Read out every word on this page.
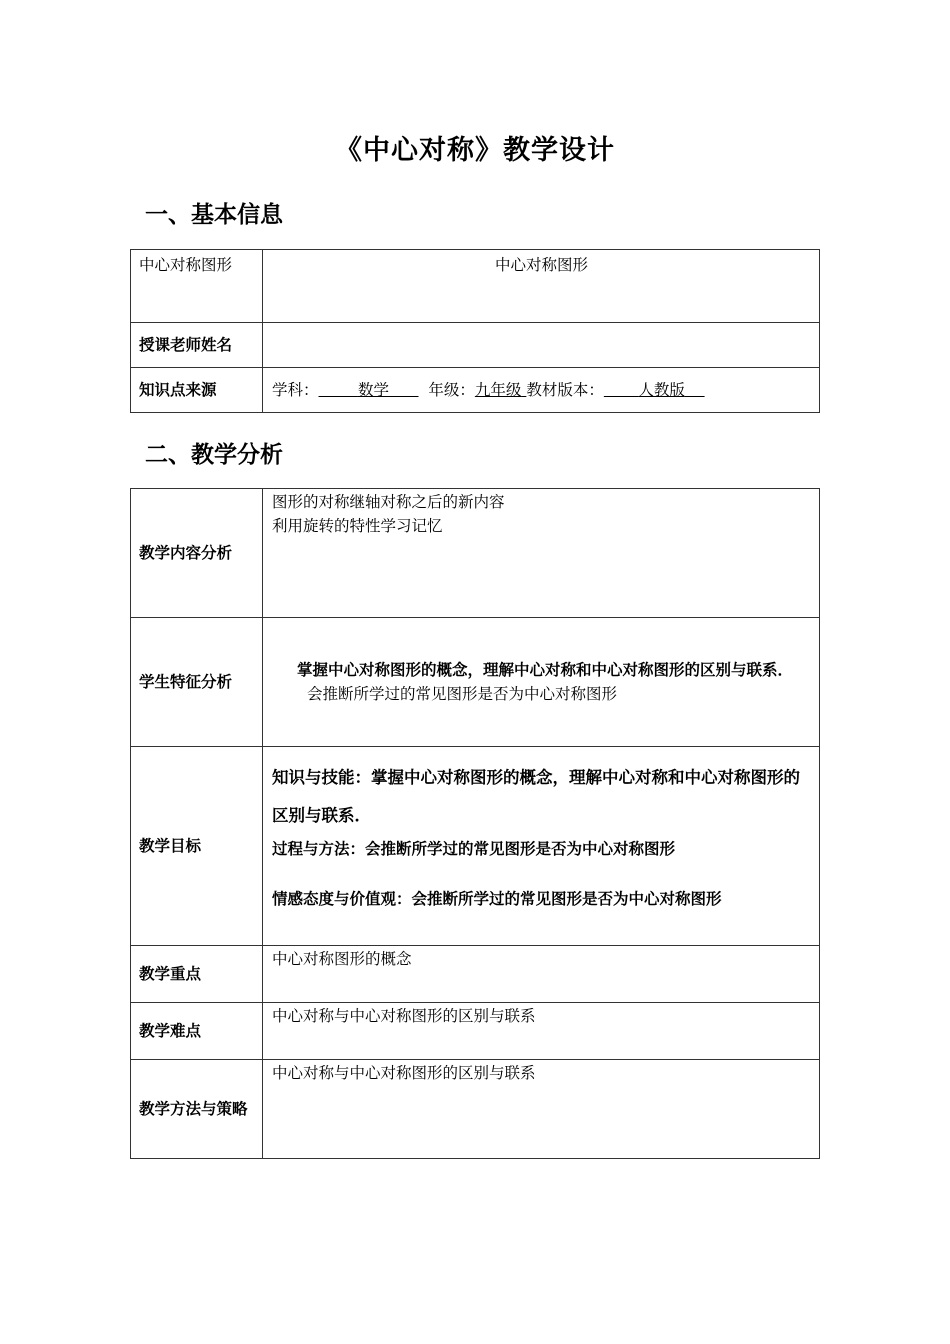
《中心对称》教学设计
一、基本信息
中心对称图形	中心对称图形
授课老师姓名	
知识点来源	学科： 数学 年级：九年级 教材版本： 人教版
二、教学分析
教学内容分析	图形的对称继轴对称之后的新内容
利用旋转的特性学习记忆

学生特征分析	掌握中心对称图形的概念，理解中心对称和中心对称图形的区别与联系．
会推断所学过的常见图形是否为中心对称图形

教学目标	知识与技能：掌握中心对称图形的概念，理解中心对称和中心对称图形的区别与联系．
过程与方法：会推断所学过的常见图形是否为中心对称图形
情感态度与价值观：会推断所学过的常见图形是否为中心对称图形

教学重点	中心对称图形的概念
教学难点	中心对称与中心对称图形的区别与联系
教学方法与策略	中心对称与中心对称图形的区别与联系
